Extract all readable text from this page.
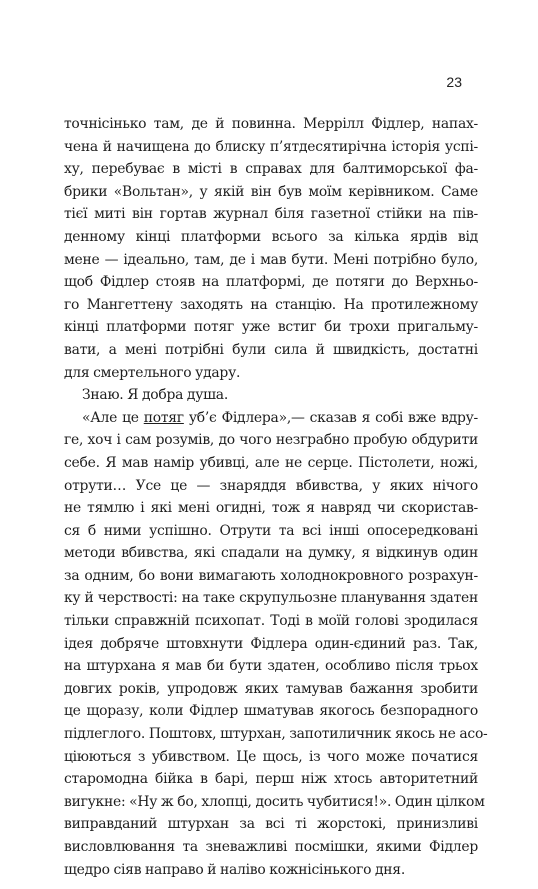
23
точнісінько там, де й повинна. Меррілл Фідлер, напах-
чена й начищена до блиску п’ятдесятирічна історія успі-
ху, перебуває в місті в справах для балтиморської фа-
брики «Вольтан», у якій він був моїм керівником. Саме
тієї миті він гортав журнал біля газетної стійки на пів-
денному кінці платформи всього за кілька ярдів від
мене — ідеально, там, де і мав бути. Мені потрібно було,
щоб Фідлер стояв на платформі, де потяги до Верхньо-
го Мангеттену заходять на станцію. На протилежному
кінці платформи потяг уже встиг би трохи пригальму-
вати, а мені потрібні були сила й швидкість, достатні
для смертельного удару.
Знаю. Я добра душа.
«Але це потяг уб’є Фідлера»,— сказав я собі вже вдру-
ге, хоч і сам розумів, до чого незграбно пробую обдурити
себе. Я мав намір убивці, але не серце. Пістолети, ножі,
отрути… Усе це — знаряддя вбивства, у яких нічого
не тямлю і які мені огидні, тож я навряд чи скористав-
ся б ними успішно. Отрути та всі інші опосередковані
методи вбивства, які спадали на думку, я відкинув один
за одним, бо вони вимагають холоднокровного розрахун-
ку й черствості: на таке скрупульозне планування здатен
тільки справжній психопат. Тоді в моїй голові зродилася
ідея добряче штовхнути Фідлера один-єдиний раз. Так,
на штурхана я мав би бути здатен, особливо після трьох
довгих років, упродовж яких тамував бажання зробити
це щоразу, коли Фідлер шматував якогось безпорадного
підлеглого. Поштовх, штурхан, запотиличник якось не асо-
ціюються з убивством. Це щось, із чого може початися
старомодна бійка в барі, перш ніж хтось авторитетний
вигукне: «Ну ж бо, хлопці, досить чубитися!». Один цілком
виправданий штурхан за всі ті жорстокі, принизливі
висловлювання та зневажливі посмішки, якими Фідлер
щедро сіяв направо й наліво кожнісінького дня.
